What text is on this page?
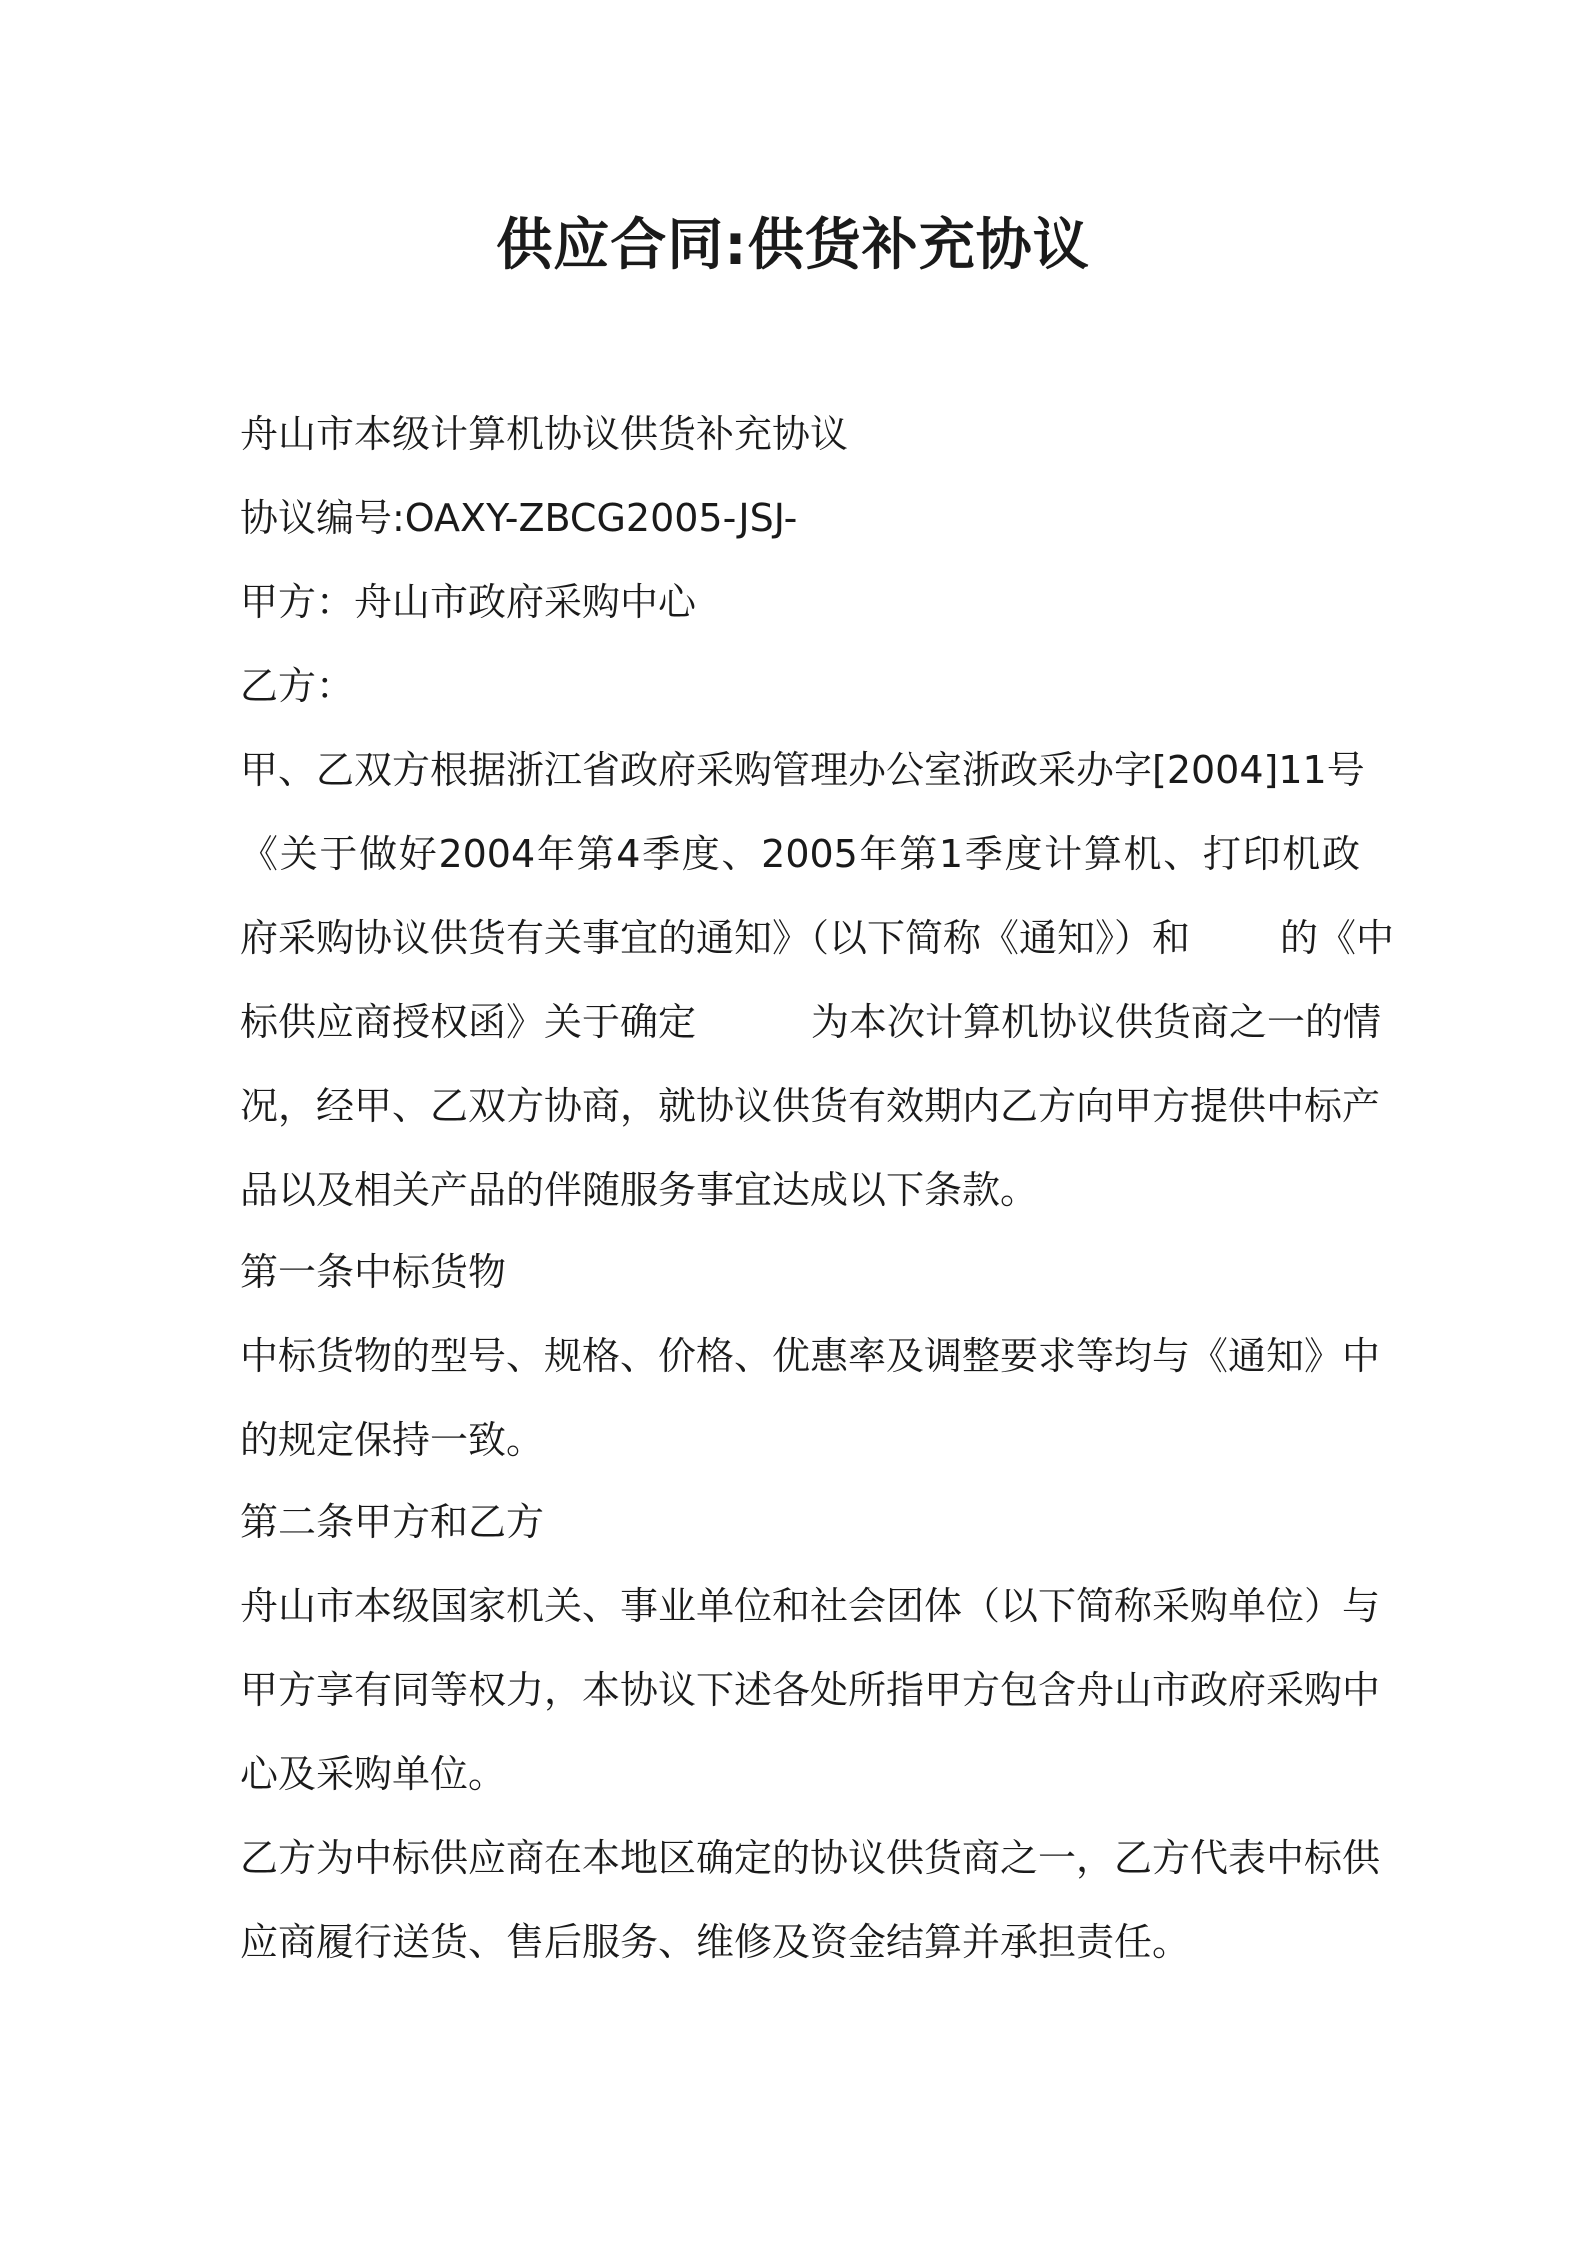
供应合同:供货补充协议

舟山市本级计算机协议供货补充协议

协议编号:OAXY-ZBCG2005-JSJ-

甲方：舟山市政府采购中心

乙方：

甲、乙双方根据浙江省政府采购管理办公室浙政采办字[2004]11号

《关于做好2004年第4季度、2005年第1季度计算机、打印机政

府采购协议供货有关事宜的通知》（以下简称《通知》）和 的《中

标供应商授权函》关于确定	为本次计算机协议供货商之一的情

况，经甲、乙双方协商，就协议供货有效期内乙方向甲方提供中标产

品以及相关产品的伴随服务事宜达成以下条款。

第一条中标货物

中标货物的型号、规格、价格、优惠率及调整要求等均与《通知》中

的规定保持一致。

第二条甲方和乙方

舟山市本级国家机关、事业单位和社会团体（以下简称采购单位）与

甲方享有同等权力，本协议下述各处所指甲方包含舟山市政府采购中

心及采购单位。

乙方为中标供应商在本地区确定的协议供货商之一，乙方代表中标供

应商履行送货、售后服务、维修及资金结算并承担责任。
